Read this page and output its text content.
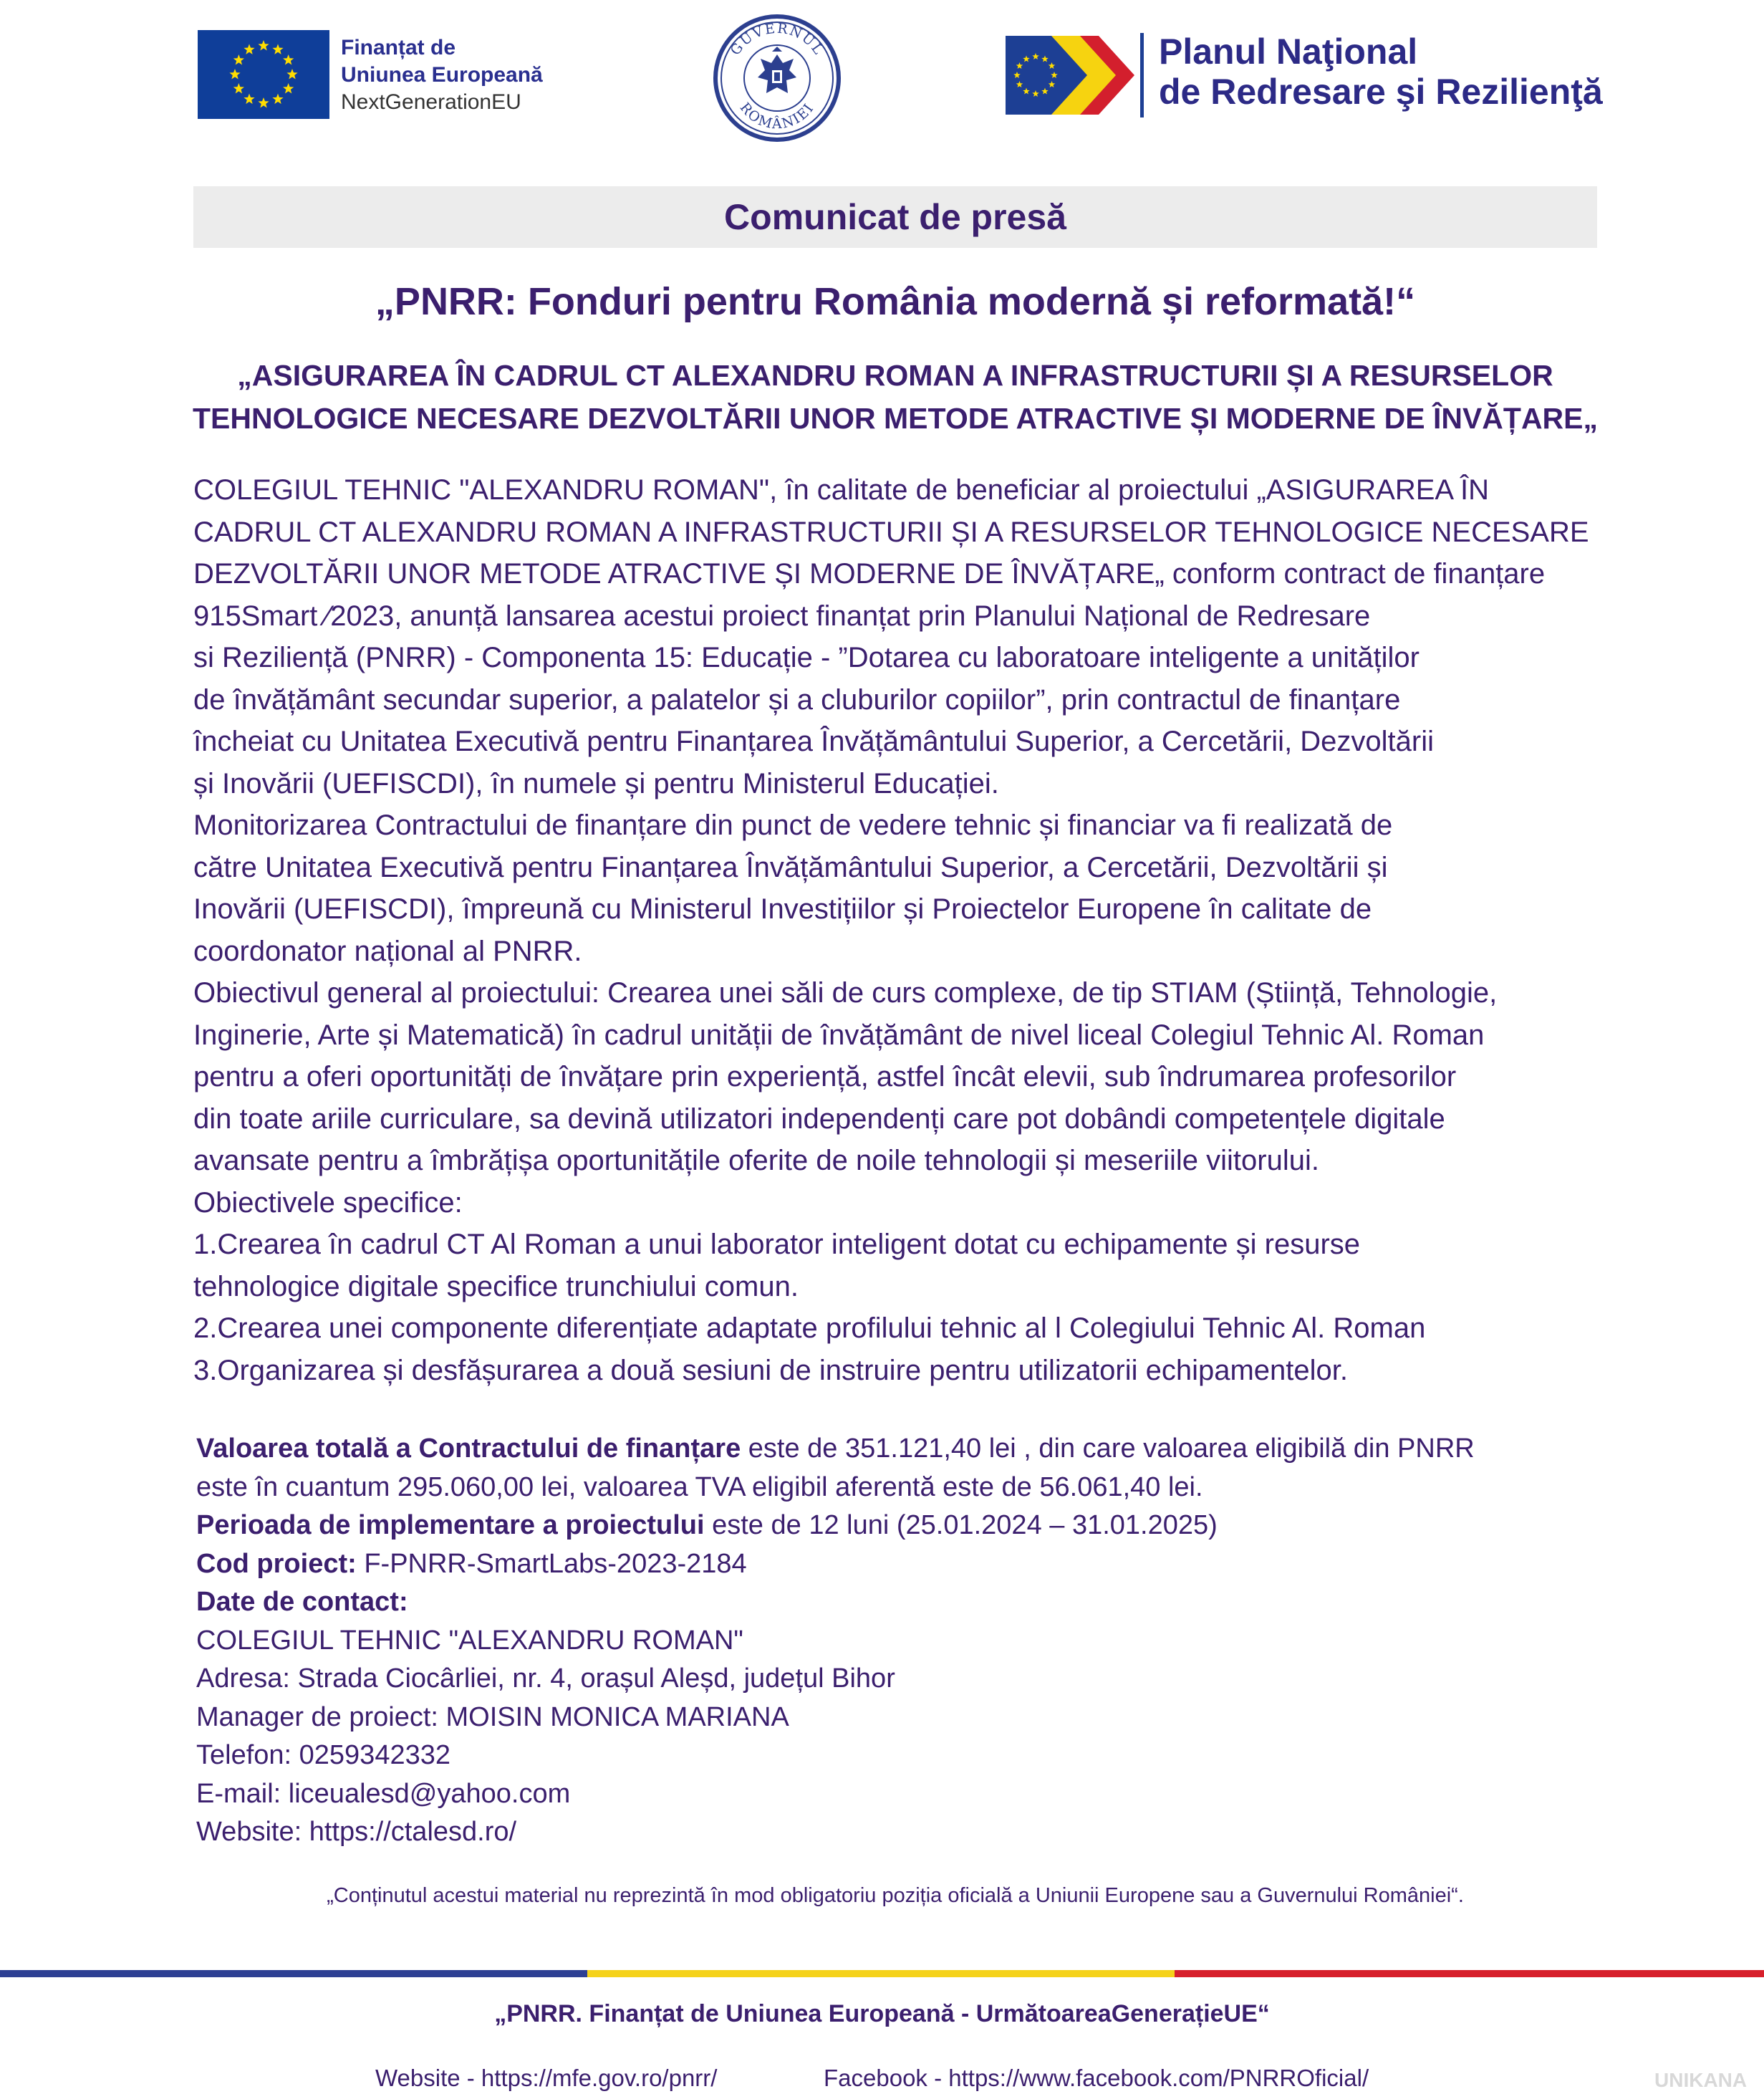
Finanțat de
Uniunea Europeană
NextGenerationEU
GUVERNUL
ROMÂNIEI
Planul Naţional
de Redresare şi Rezilienţă
Comunicat de presă
„PNRR: Fonduri pentru România modernă și reformată!“
„ASIGURAREA ÎN CADRUL CT ALEXANDRU ROMAN A INFRASTRUCTURII ȘI A RESURSELOR
TEHNOLOGICE NECESARE DEZVOLTĂRII UNOR METODE ATRACTIVE ȘI MODERNE DE ÎNVĂȚARE„

COLEGIUL TEHNIC "ALEXANDRU ROMAN", în calitate de beneficiar al proiectului „ASIGURAREA ÎN

CADRUL CT ALEXANDRU ROMAN A INFRASTRUCTURII ȘI A RESURSELOR TEHNOLOGICE NECESARE

DEZVOLTĂRII UNOR METODE ATRACTIVE ȘI MODERNE DE ÎNVĂȚARE„ conform contract de finanțare

915Smart ⁄2023, anunță lansarea acestui proiect finanțat prin Planului Național de Redresare

si Reziliență (PNRR) - Componenta 15: Educație - ”Dotarea cu laboratoare inteligente a unităților

de învățământ secundar superior, a palatelor și a cluburilor copiilor”, prin contractul de finanțare

încheiat cu Unitatea Executivă pentru Finanțarea Învățământului Superior, a Cercetării, Dezvoltării

și Inovării (UEFISCDI), în numele și pentru Ministerul Educației.

Monitorizarea Contractului de finanțare din punct de vedere tehnic și financiar va fi realizată de

către Unitatea Executivă pentru Finanțarea Învățământului Superior, a Cercetării, Dezvoltării și

Inovării (UEFISCDI), împreună cu Ministerul Investițiilor și Proiectelor Europene în calitate de

coordonator național al PNRR.

Obiectivul general al proiectului: Crearea unei săli de curs complexe, de tip STIAM (Știință, Tehnologie,

Inginerie, Arte și Matematică) în cadrul unității de învățământ de nivel liceal Colegiul Tehnic Al. Roman

pentru a oferi oportunități de învățare prin experiență, astfel încât elevii, sub îndrumarea profesorilor

din toate ariile curriculare, sa devină utilizatori independenți care pot dobândi competențele digitale

avansate pentru a îmbrățișa oportunitățile oferite de noile tehnologii și meseriile viitorului.

Obiectivele specifice:

1.Crearea în cadrul CT Al Roman a unui laborator inteligent dotat cu echipamente și resurse

tehnologice digitale specifice trunchiului comun.

2.Crearea unei componente diferențiate adaptate profilului tehnic al l Colegiului Tehnic Al. Roman

3.Organizarea și desfășurarea a două sesiuni de instruire pentru utilizatorii echipamentelor.

Valoarea totală a Contractului de finanțare este de 351.121,40 lei , din care valoarea eligibilă din PNRR

este în cuantum 295.060,00 lei, valoarea TVA eligibil aferentă este de 56.061,40 lei.

Perioada de implementare a proiectului este de 12 luni (25.01.2024 – 31.01.2025)

Cod proiect: F-PNRR-SmartLabs-2023-2184

Date de contact:

COLEGIUL TEHNIC "ALEXANDRU ROMAN"

Adresa: Strada Ciocârliei, nr. 4, orașul Aleșd, județul Bihor

Manager de proiect: MOISIN MONICA MARIANA

Telefon: 0259342332

E-mail: liceualesd@yahoo.com

Website: https://ctalesd.ro/

„Conținutul acestui material nu reprezintă în mod obligatoriu poziția oficială a Uniunii Europene sau a Guvernului României“.
„PNRR. Finanțat de Uniunea Europeană - UrmătoareaGenerațieUE“
Website - https://mfe.gov.ro/pnrr/	Facebook - https://www.facebook.com/PNRROficial/	UNIKANA
